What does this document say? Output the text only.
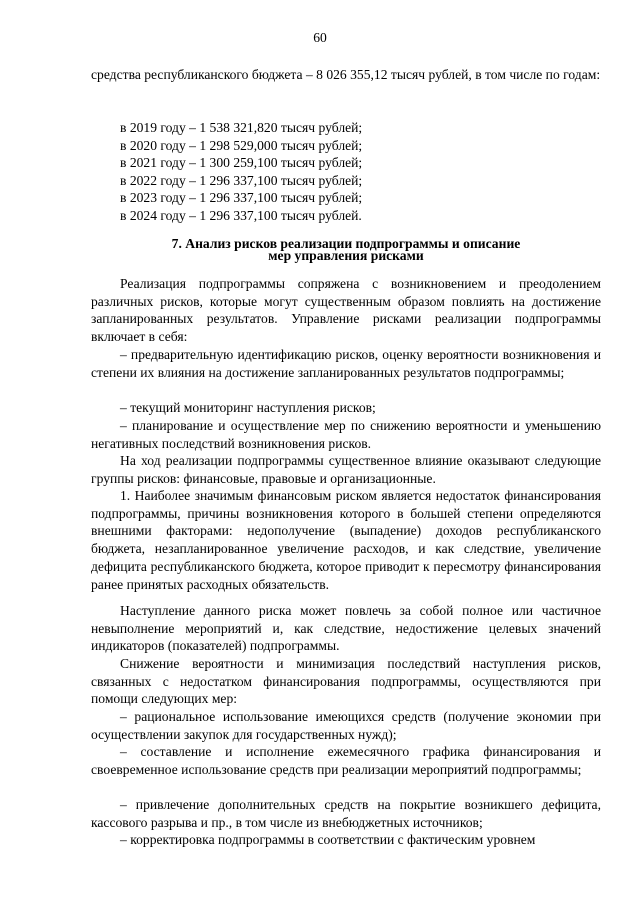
60

средства республиканского бюджета – 8 026 355,12 тысяч рублей, в том числе по годам:

в 2019 году – 1 538 321,820 тысяч рублей;
в 2020 году – 1 298 529,000 тысяч рублей;
в 2021 году – 1 300 259,100 тысяч рублей;
в 2022 году – 1 296 337,100 тысяч рублей;
в 2023 году – 1 296 337,100 тысяч рублей;
в 2024 году – 1 296 337,100 тысяч рублей.
7. Анализ рисков реализации подпрограммы и описание
мер управления рисками

Реализация подпрограммы сопряжена с возникновением и преодолением различных рисков, которые могут существенным образом повлиять на достижение запланированных результатов. Управление рисками реализации подпрограммы включает в себя:

– предварительную идентификацию рисков, оценку вероятности возникновения и степени их влияния на достижение запланированных результатов подпрограммы;

– текущий мониторинг наступления рисков;

– планирование и осуществление мер по снижению вероятности и уменьшению негативных последствий возникновения рисков.

На ход реализации подпрограммы существенное влияние оказывают следующие группы рисков: финансовые, правовые и организационные.

1. Наиболее значимым финансовым риском является недостаток финансирования подпрограммы, причины возникновения которого в большей степени определяются внешними факторами: недополучение (выпадение) доходов республиканского бюджета, незапланированное увеличение расходов, и как следствие, увеличение дефицита республиканского бюджета, которое приводит к пересмотру финансирования ранее принятых расходных обязательств.

Наступление данного риска может повлечь за собой полное или частичное невыполнение мероприятий и, как следствие, недостижение целевых значений индикаторов (показателей) подпрограммы.

Снижение вероятности и минимизация последствий наступления рисков, связанных с недостатком финансирования подпрограммы, осуществляются при помощи следующих мер:

– рациональное использование имеющихся средств (получение экономии при осуществлении закупок для государственных нужд);

– составление и исполнение ежемесячного графика финансирования и своевременное использование средств при реализации мероприятий подпрограммы;

– привлечение дополнительных средств на покрытие возникшего дефицита, кассового разрыва и пр., в том числе из внебюджетных источников;

– корректировка подпрограммы в соответствии с фактическим уровнем
